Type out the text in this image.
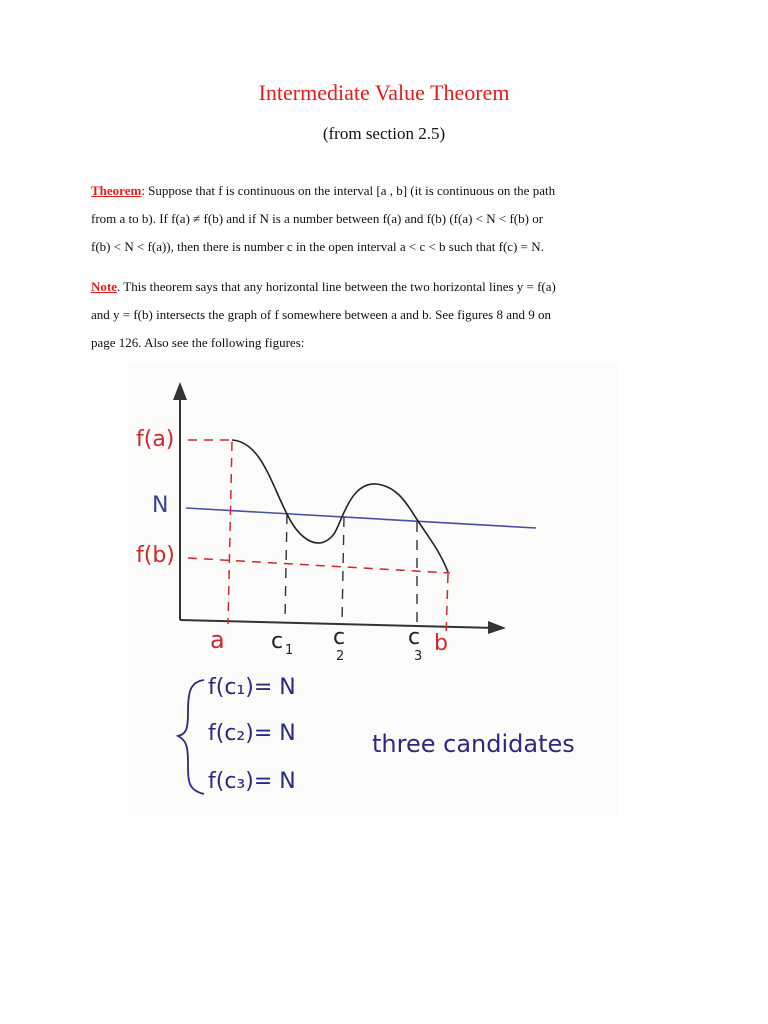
Intermediate Value Theorem
(from section 2.5)
Theorem: Suppose that f is continuous on the interval [a , b] (it is continuous on the path
from a to b). If f(a) ≠ f(b) and if N is a number between f(a) and f(b) (f(a) < N < f(b) or
f(b) < N < f(a)), then there is number c in the open interval a < c < b such that f(c) = N.
Note. This theorem says that any horizontal line between the two horizontal lines y = f(a)
and y = f(b) intersects the graph of f somewhere between a and b. See figures 8 and 9 on
page 126. Also see the following figures:
f(a)
N
f(b)
a c 1
c
2
c
3
b
f(c₁)= N
f(c₂)= N
f(c₃)= N
three candidates
